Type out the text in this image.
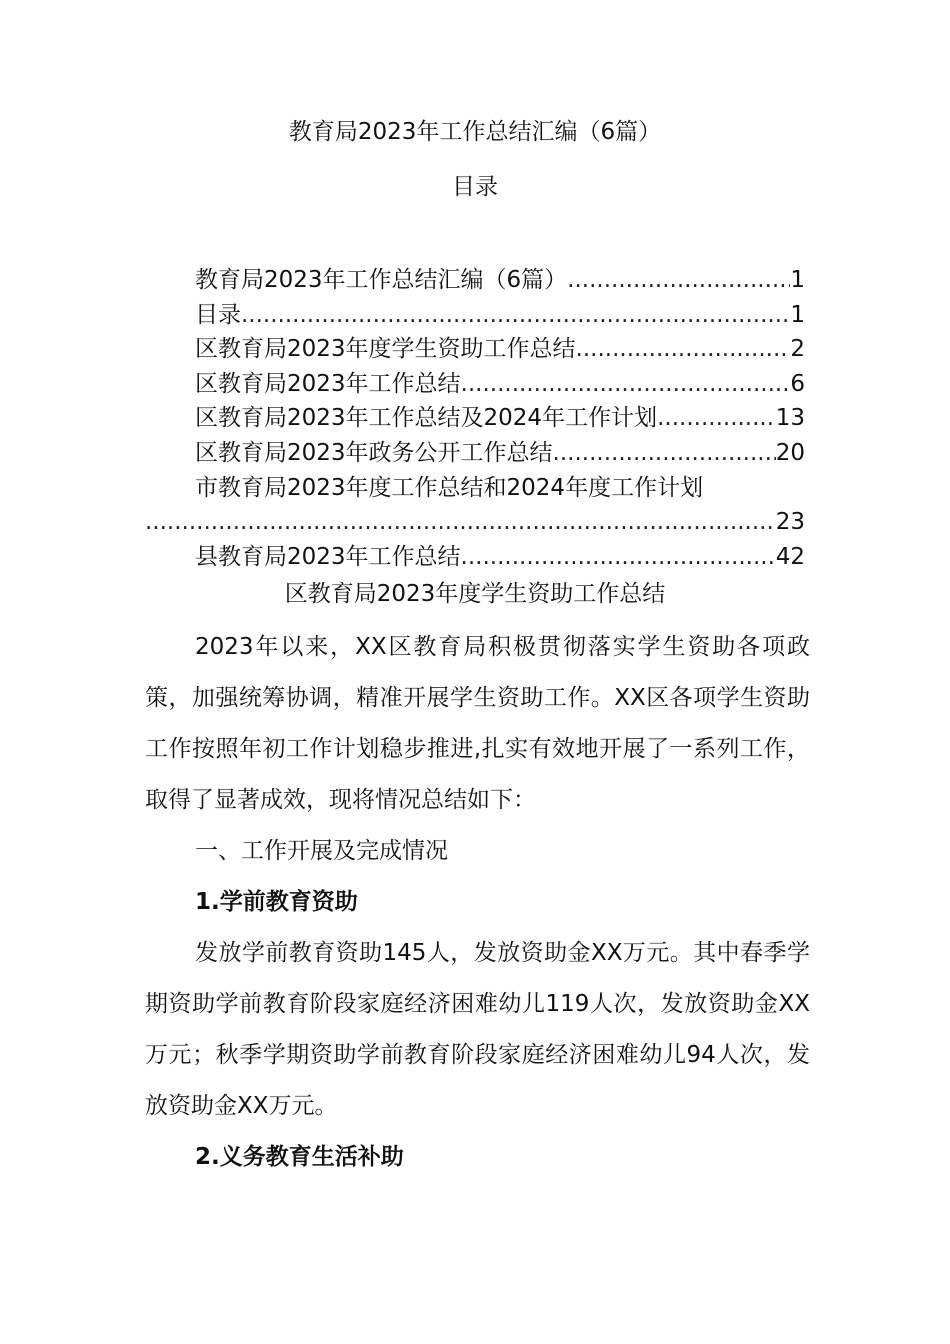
教育局2023年工作总结汇编（6篇）
目录
教育局2023年工作总结汇编（6篇） .....	1
目录 .....	1
区教育局2023年度学生资助工作总结 .....	2
区教育局2023年工作总结 .....	6
区教育局2023年工作总结及2024年工作计划 .....	13
区教育局2023年政务公开工作总结 .....	20
市教育局2023年度工作总结和2024年度工作计划
.....
23
县教育局2023年工作总结 .....	42
区教育局2023年度学生资助工作总结

2023年以来，XX区教育局积极贯彻落实学生资助各项政策，加强统筹协调，精准开展学生资助工作。XX区各项学生资助工作按照年初工作计划稳步推进,扎实有效地开展了一系列工作，取得了显著成效，现将情况总结如下：

一、工作开展及完成情况

1.学前教育资助

发放学前教育资助145人，发放资助金XX万元。其中春季学期资助学前教育阶段家庭经济困难幼儿119人次，发放资助金XX万元；秋季学期资助学前教育阶段家庭经济困难幼儿94人次，发放资助金XX万元。

2.义务教育生活补助
